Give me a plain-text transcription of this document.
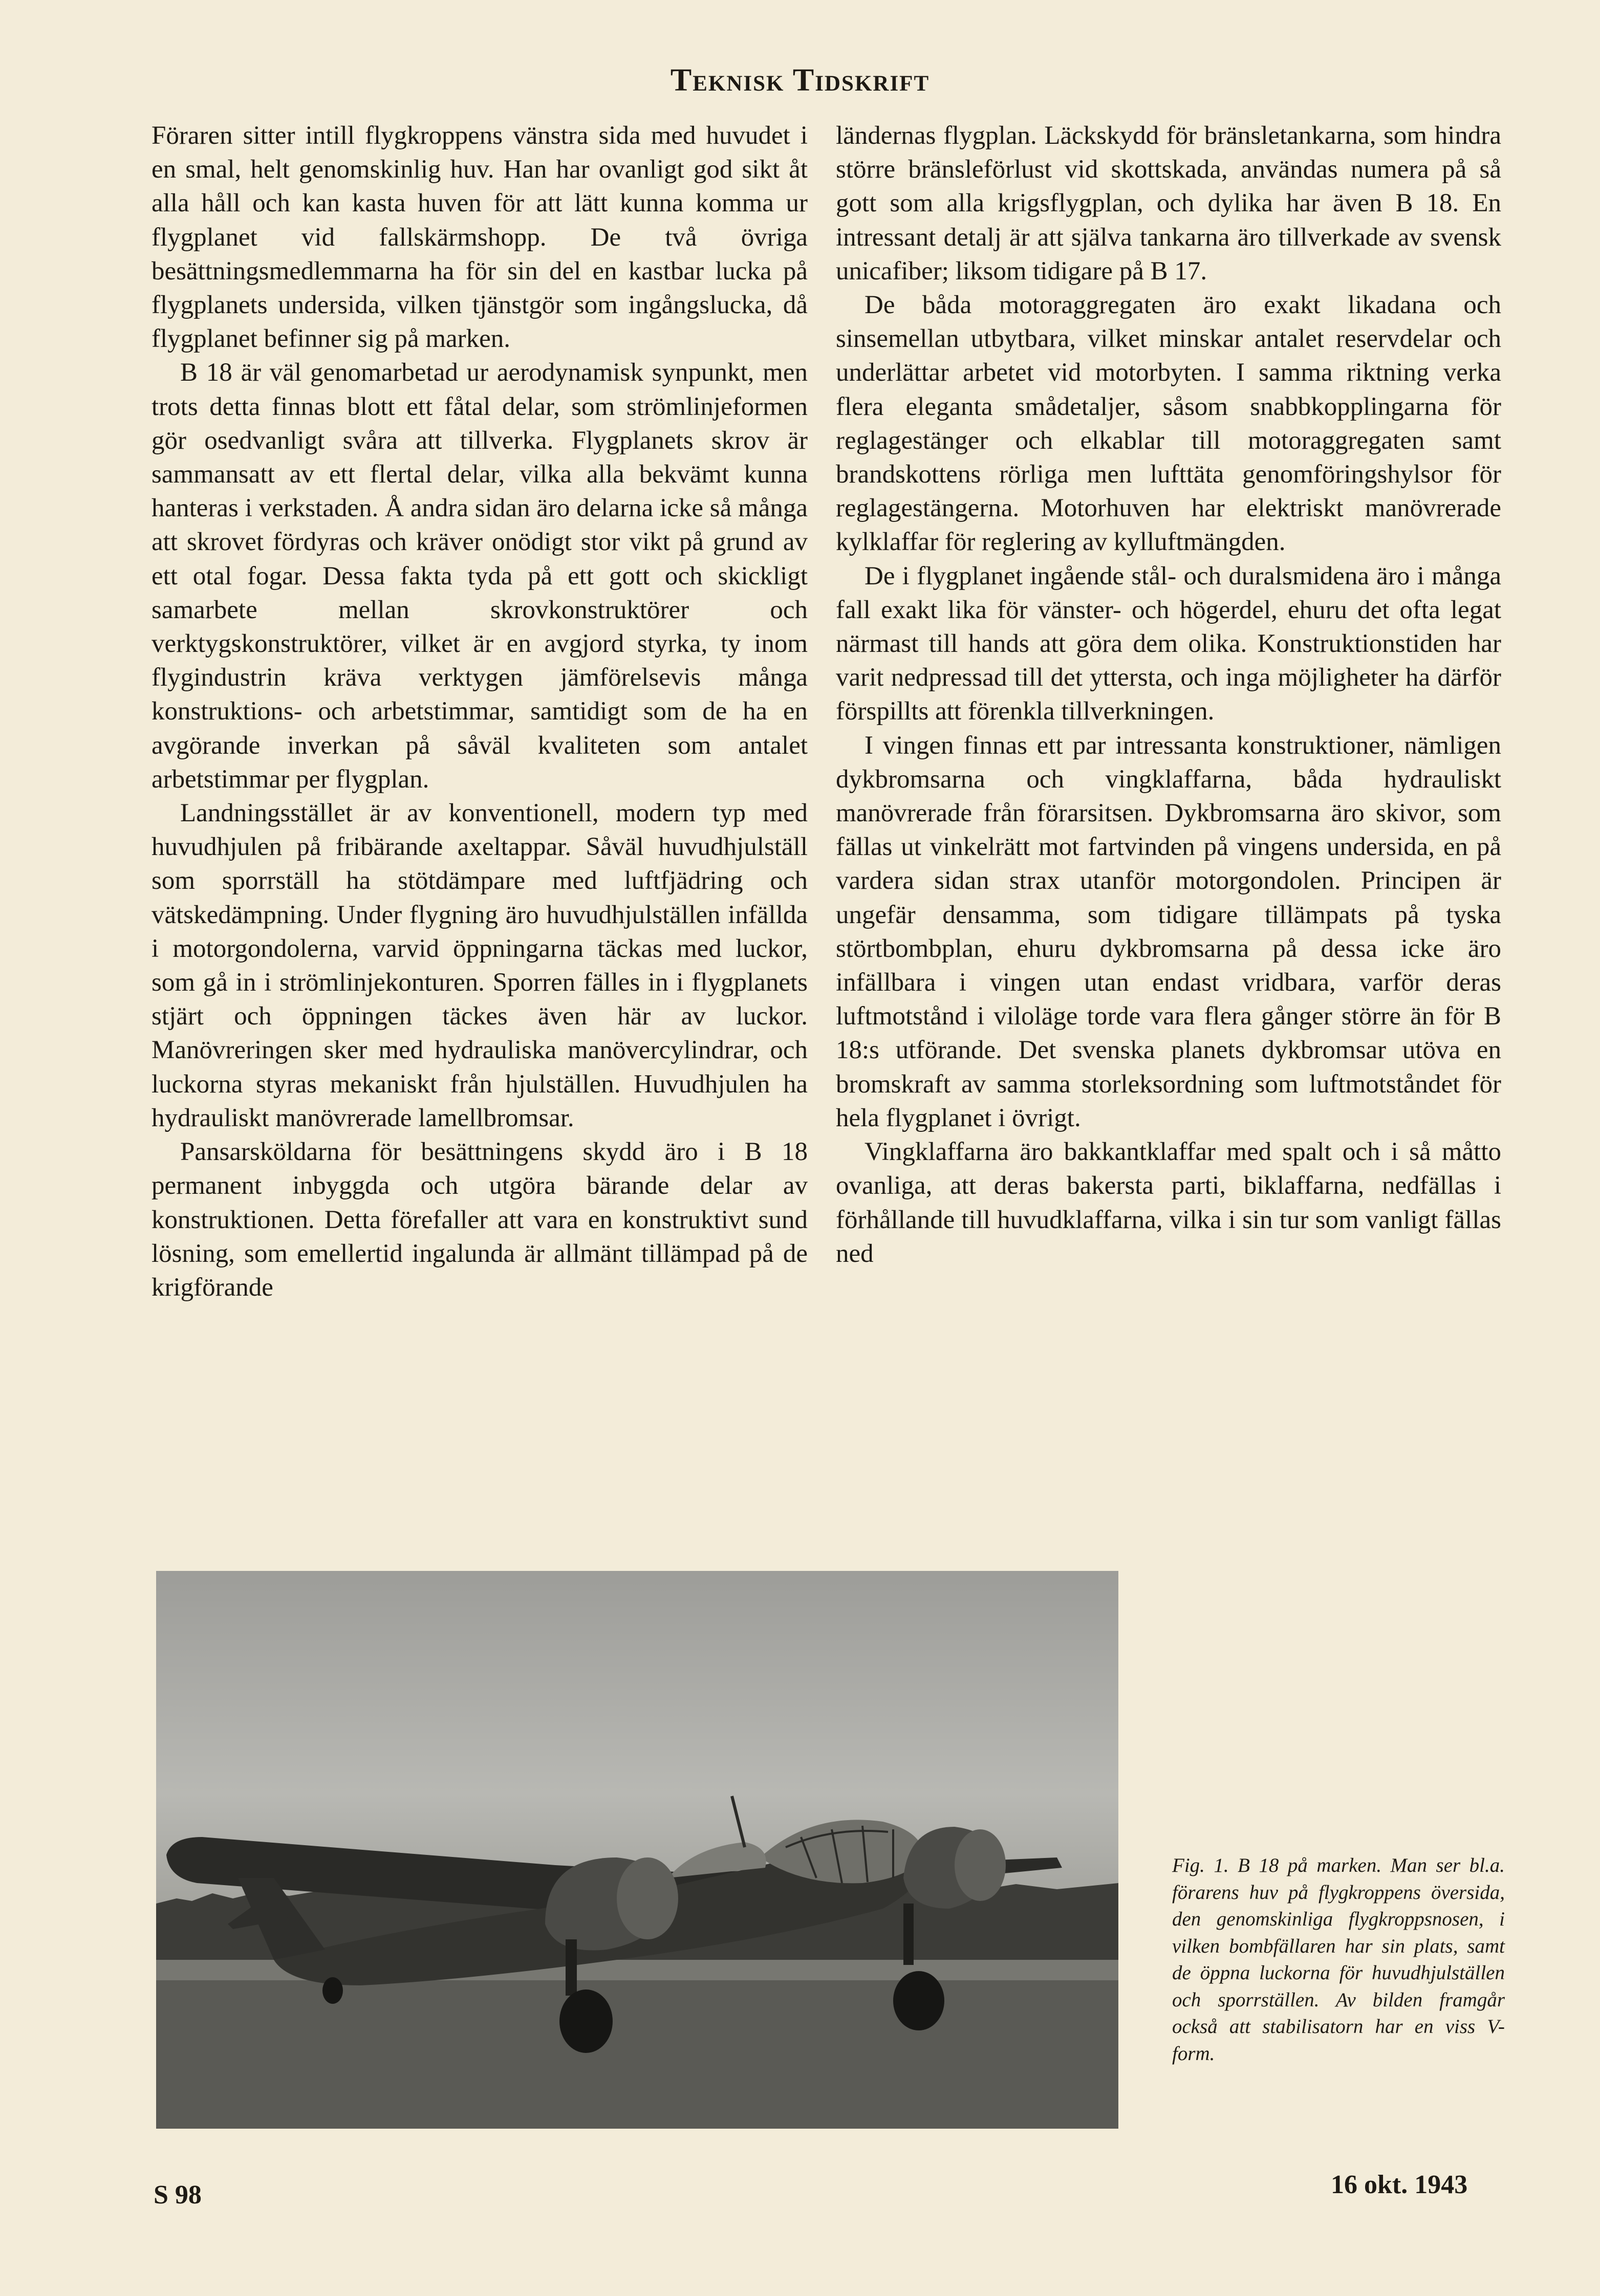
Teknisk Tidskrift

Föraren sitter intill flygkroppens vänstra sida med huvudet i en smal, helt genomskinlig huv. Han har ovanligt god sikt åt alla håll och kan kasta huven för att lätt kunna komma ur flygplanet vid fallskärmshopp. De två övriga besättningsmedlemmarna ha för sin del en kastbar lucka på flygplanets undersida, vilken tjänstgör som ingångslucka, då flygplanet befinner sig på marken.

B 18 är väl genomarbetad ur aerodynamisk synpunkt, men trots detta finnas blott ett fåtal delar, som strömlinjeformen gör osedvanligt svåra att tillverka. Flygplanets skrov är sammansatt av ett flertal delar, vilka alla bekvämt kunna hanteras i verkstaden. Å andra sidan äro delarna icke så många att skrovet fördyras och kräver onödigt stor vikt på grund av ett otal fogar. Dessa fakta tyda på ett gott och skickligt samarbete mellan skrovkonstruktörer och verktygskonstruktörer, vilket är en avgjord styrka, ty inom flygindustrin kräva verktygen jämförelsevis många konstruktions- och arbetstimmar, samtidigt som de ha en avgörande inverkan på såväl kvaliteten som antalet arbetstimmar per flygplan.

Landningsstället är av konventionell, modern typ med huvudhjulen på fribärande axeltappar. Såväl huvudhjulställ som sporrställ ha stötdämpare med luftfjädring och vätskedämpning. Under flygning äro huvudhjulställen infällda i motorgondolerna, varvid öppningarna täckas med luckor, som gå in i strömlinjekonturen. Sporren fälles in i flygplanets stjärt och öppningen täckes även här av luckor. Manövreringen sker med hydrauliska manövercylindrar, och luckorna styras mekaniskt från hjulställen. Huvudhjulen ha hydrauliskt manövrerade lamellbromsar.

Pansarsköldarna för besättningens skydd äro i B 18 permanent inbyggda och utgöra bärande delar av konstruktionen. Detta förefaller att vara en konstruktivt sund lösning, som emellertid ingalunda är allmänt tillämpad på de krigförande

ländernas flygplan. Läckskydd för bränsletankarna, som hindra större bränsleförlust vid skottskada, användas numera på så gott som alla krigsflygplan, och dylika har även B 18. En intressant detalj är att själva tankarna äro tillverkade av svensk unicafiber; liksom tidigare på B 17.

De båda motoraggregaten äro exakt likadana och sinsemellan utbytbara, vilket minskar antalet reservdelar och underlättar arbetet vid motorbyten. I samma riktning verka flera eleganta smådetaljer, såsom snabbkopplingarna för reglagestänger och elkablar till motoraggregaten samt brandskottens rörliga men lufttäta genomföringshylsor för reglagestängerna. Motorhuven har elektriskt manövrerade kylklaffar för reglering av kylluftmängden.

De i flygplanet ingående stål- och duralsmidena äro i många fall exakt lika för vänster- och högerdel, ehuru det ofta legat närmast till hands att göra dem olika. Konstruktionstiden har varit nedpressad till det yttersta, och inga möjligheter ha därför förspillts att förenkla tillverkningen.

I vingen finnas ett par intressanta konstruktioner, nämligen dykbromsarna och vingklaffarna, båda hydrauliskt manövrerade från förarsitsen. Dykbromsarna äro skivor, som fällas ut vinkelrätt mot fartvinden på vingens undersida, en på vardera sidan strax utanför motorgondolen. Principen är ungefär densamma, som tidigare tillämpats på tyska störtbombplan, ehuru dykbromsarna på dessa icke äro infällbara i vingen utan endast vridbara, varför deras luftmotstånd i viloläge torde vara flera gånger större än för B 18:s utförande. Det svenska planets dykbromsar utöva en bromskraft av samma storleksordning som luftmotståndet för hela flygplanet i övrigt.

Vingklaffarna äro bakkantklaffar med spalt och i så måtto ovanliga, att deras bakersta parti, biklaffarna, nedfällas i förhållande till huvudklaffarna, vilka i sin tur som vanligt fällas ned

Fig. 1. B 18 på marken. Man ser bl.a. förarens huv på flygkroppens översida, den genomskinliga flygkroppsnosen, i vilken bombfällaren har sin plats, samt de öppna luckorna för huvudhjulställen och sporrställen. Av bilden framgår också att stabilisatorn har en viss V-form.

S 98	16 okt. 1943
